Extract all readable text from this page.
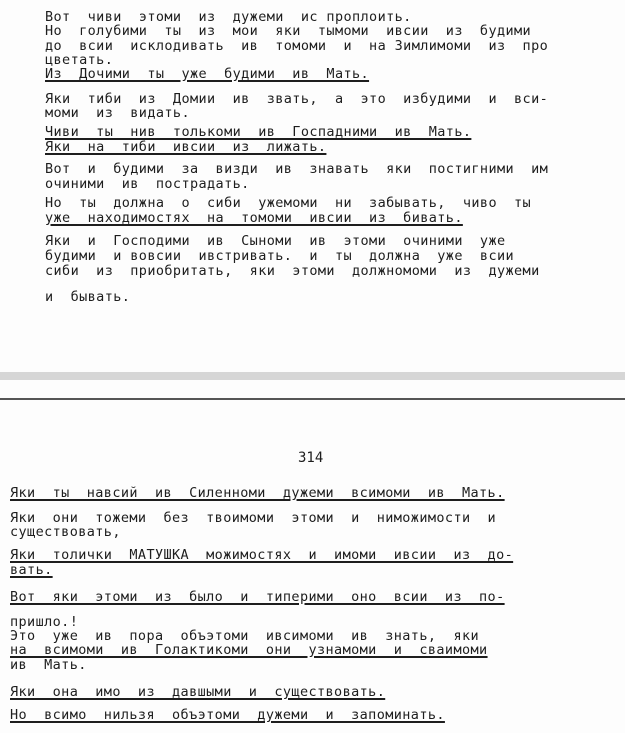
Вот  чиви  этоми  из  дужеми  ис проплоить.
Но  голубими  ты  из  мои  яки  тымоми  ивсии  из  будими
до  всии  исклодивать  ив  томоми  и  на Зимлимоми  из  про
цветать.
Из  Дочими  ты  уже  будими  ив  Мать.
Яки  тиби  из  Домии  ив  звать,  а  это  избудими  и  вси-
моми  из  видать.
Чиви  ты  нив  толькоми  ив  Госпадними  ив  Мать.
Яки  на  тиби  ивсии  из  лижать.
Вот  и  будими  за  визди  ив  знавать  яки  постигними  им
очиними  ив  пострадать.
Но  ты  должна  о  сиби  ужемоми  ни  забывать,  чиво  ты
уже  находимостях  на  томоми  ивсии  из  бивать.
Яки  и  Господими  ив  Сыноми  ив  этоми  очиними  уже
будими  и вовсии  ивстривать.  и  ты  должна  уже  всии
сиби  из  приобритать,  яки  этоми  должномоми  из  дужеми
и  бывать.
314
Яки  ты  навсий  ив  Силенноми  дужеми  всимоми  ив  Мать.
Яки  они  тожеми  без  твоимоми  этоми  и  ниможимости  и
существовать,
Яки  толички  МАТУШКА  можимостях  и  имоми  ивсии  из  до-
вать.
Вот  яки  этоми  из  было  и  типерими  оно  всии  из  по-
пришло.!
Это  уже  ив  пора  объэтоми  ивсимоми  ив  знать,  яки
на  всимоми  ив  Голактикоми  они  узнамоми  и  сваимоми
ив  Мать.
Яки  она  имо  из  давшыми  и  существовать.
Но  всимо  нильзя  объэтоми  дужеми  и  запоминать.
